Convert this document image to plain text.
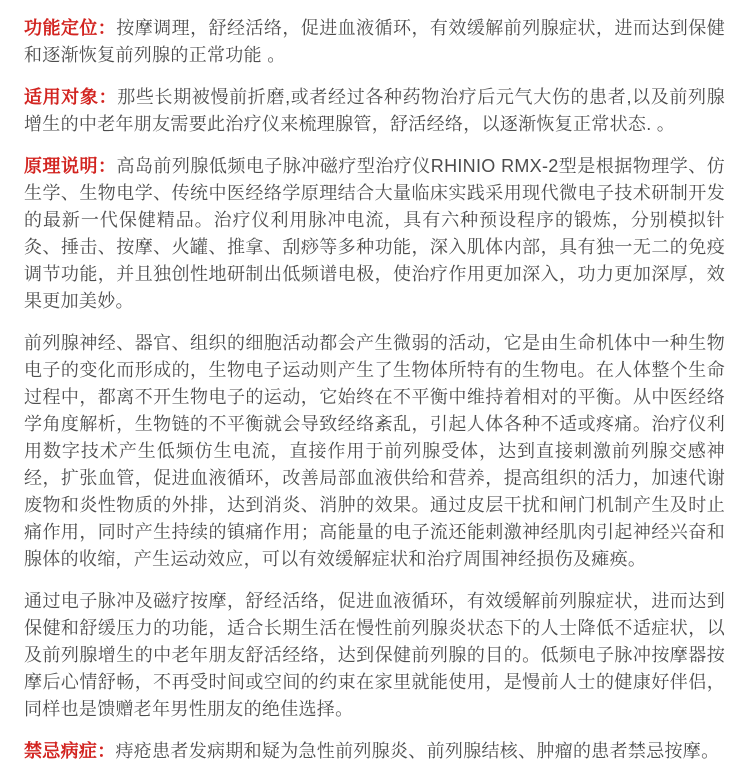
功能定位：按摩调理，舒经活络，促进血液循环，有效缓解前列腺症状，进而达到保健和逐渐恢复前列腺的正常功能 。

适用对象：那些长期被慢前折磨,或者经过各种药物治疗后元气大伤的患者,以及前列腺增生的中老年朋友需要此治疗仪来梳理腺管，舒活经络，以逐渐恢复正常状态. 。

原理说明：高岛前列腺低频电子脉冲磁疗型治疗仪RHINIO RMX-2型是根据物理学、仿生学、生物电学、传统中医经络学原理结合大量临床实践采用现代微电子技术研制开发的最新一代保健精品。治疗仪利用脉冲电流，具有六种预设程序的锻炼，分别模拟针灸、捶击、按摩、火罐、推拿、刮痧等多种功能，深入肌体内部，具有独一无二的免疫调节功能，并且独创性地研制出低频谱电极，使治疗作用更加深入，功力更加深厚，效果更加美妙。

前列腺神经、器官、组织的细胞活动都会产生微弱的活动，它是由生命机体中一种生物电子的变化而形成的，生物电子运动则产生了生物体所特有的生物电。在人体整个生命过程中，都离不开生物电子的运动，它始终在不平衡中维持着相对的平衡。从中医经络学角度解析，生物链的不平衡就会导致经络紊乱，引起人体各种不适或疼痛。治疗仪利用数字技术产生低频仿生电流，直接作用于前列腺受体，达到直接刺激前列腺交感神经，扩张血管，促进血液循环，改善局部血液供给和营养，提高组织的活力，加速代谢废物和炎性物质的外排，达到消炎、消肿的效果。通过皮层干扰和闸门机制产生及时止痛作用，同时产生持续的镇痛作用；高能量的电子流还能刺激神经肌肉引起神经兴奋和腺体的收缩，产生运动效应，可以有效缓解症状和治疗周围神经损伤及瘫痪。

通过电子脉冲及磁疗按摩，舒经活络，促进血液循环，有效缓解前列腺症状，进而达到保健和舒缓压力的功能，适合长期生活在慢性前列腺炎状态下的人士降低不适症状，以及前列腺增生的中老年朋友舒活经络，达到保健前列腺的目的。低频电子脉冲按摩器按摩后心情舒畅，不再受时间或空间的约束在家里就能使用，是慢前人士的健康好伴侣，同样也是馈赠老年男性朋友的绝佳选择。

禁忌病症：痔疮患者发病期和疑为急性前列腺炎、前列腺结核、肿瘤的患者禁忌按摩。
